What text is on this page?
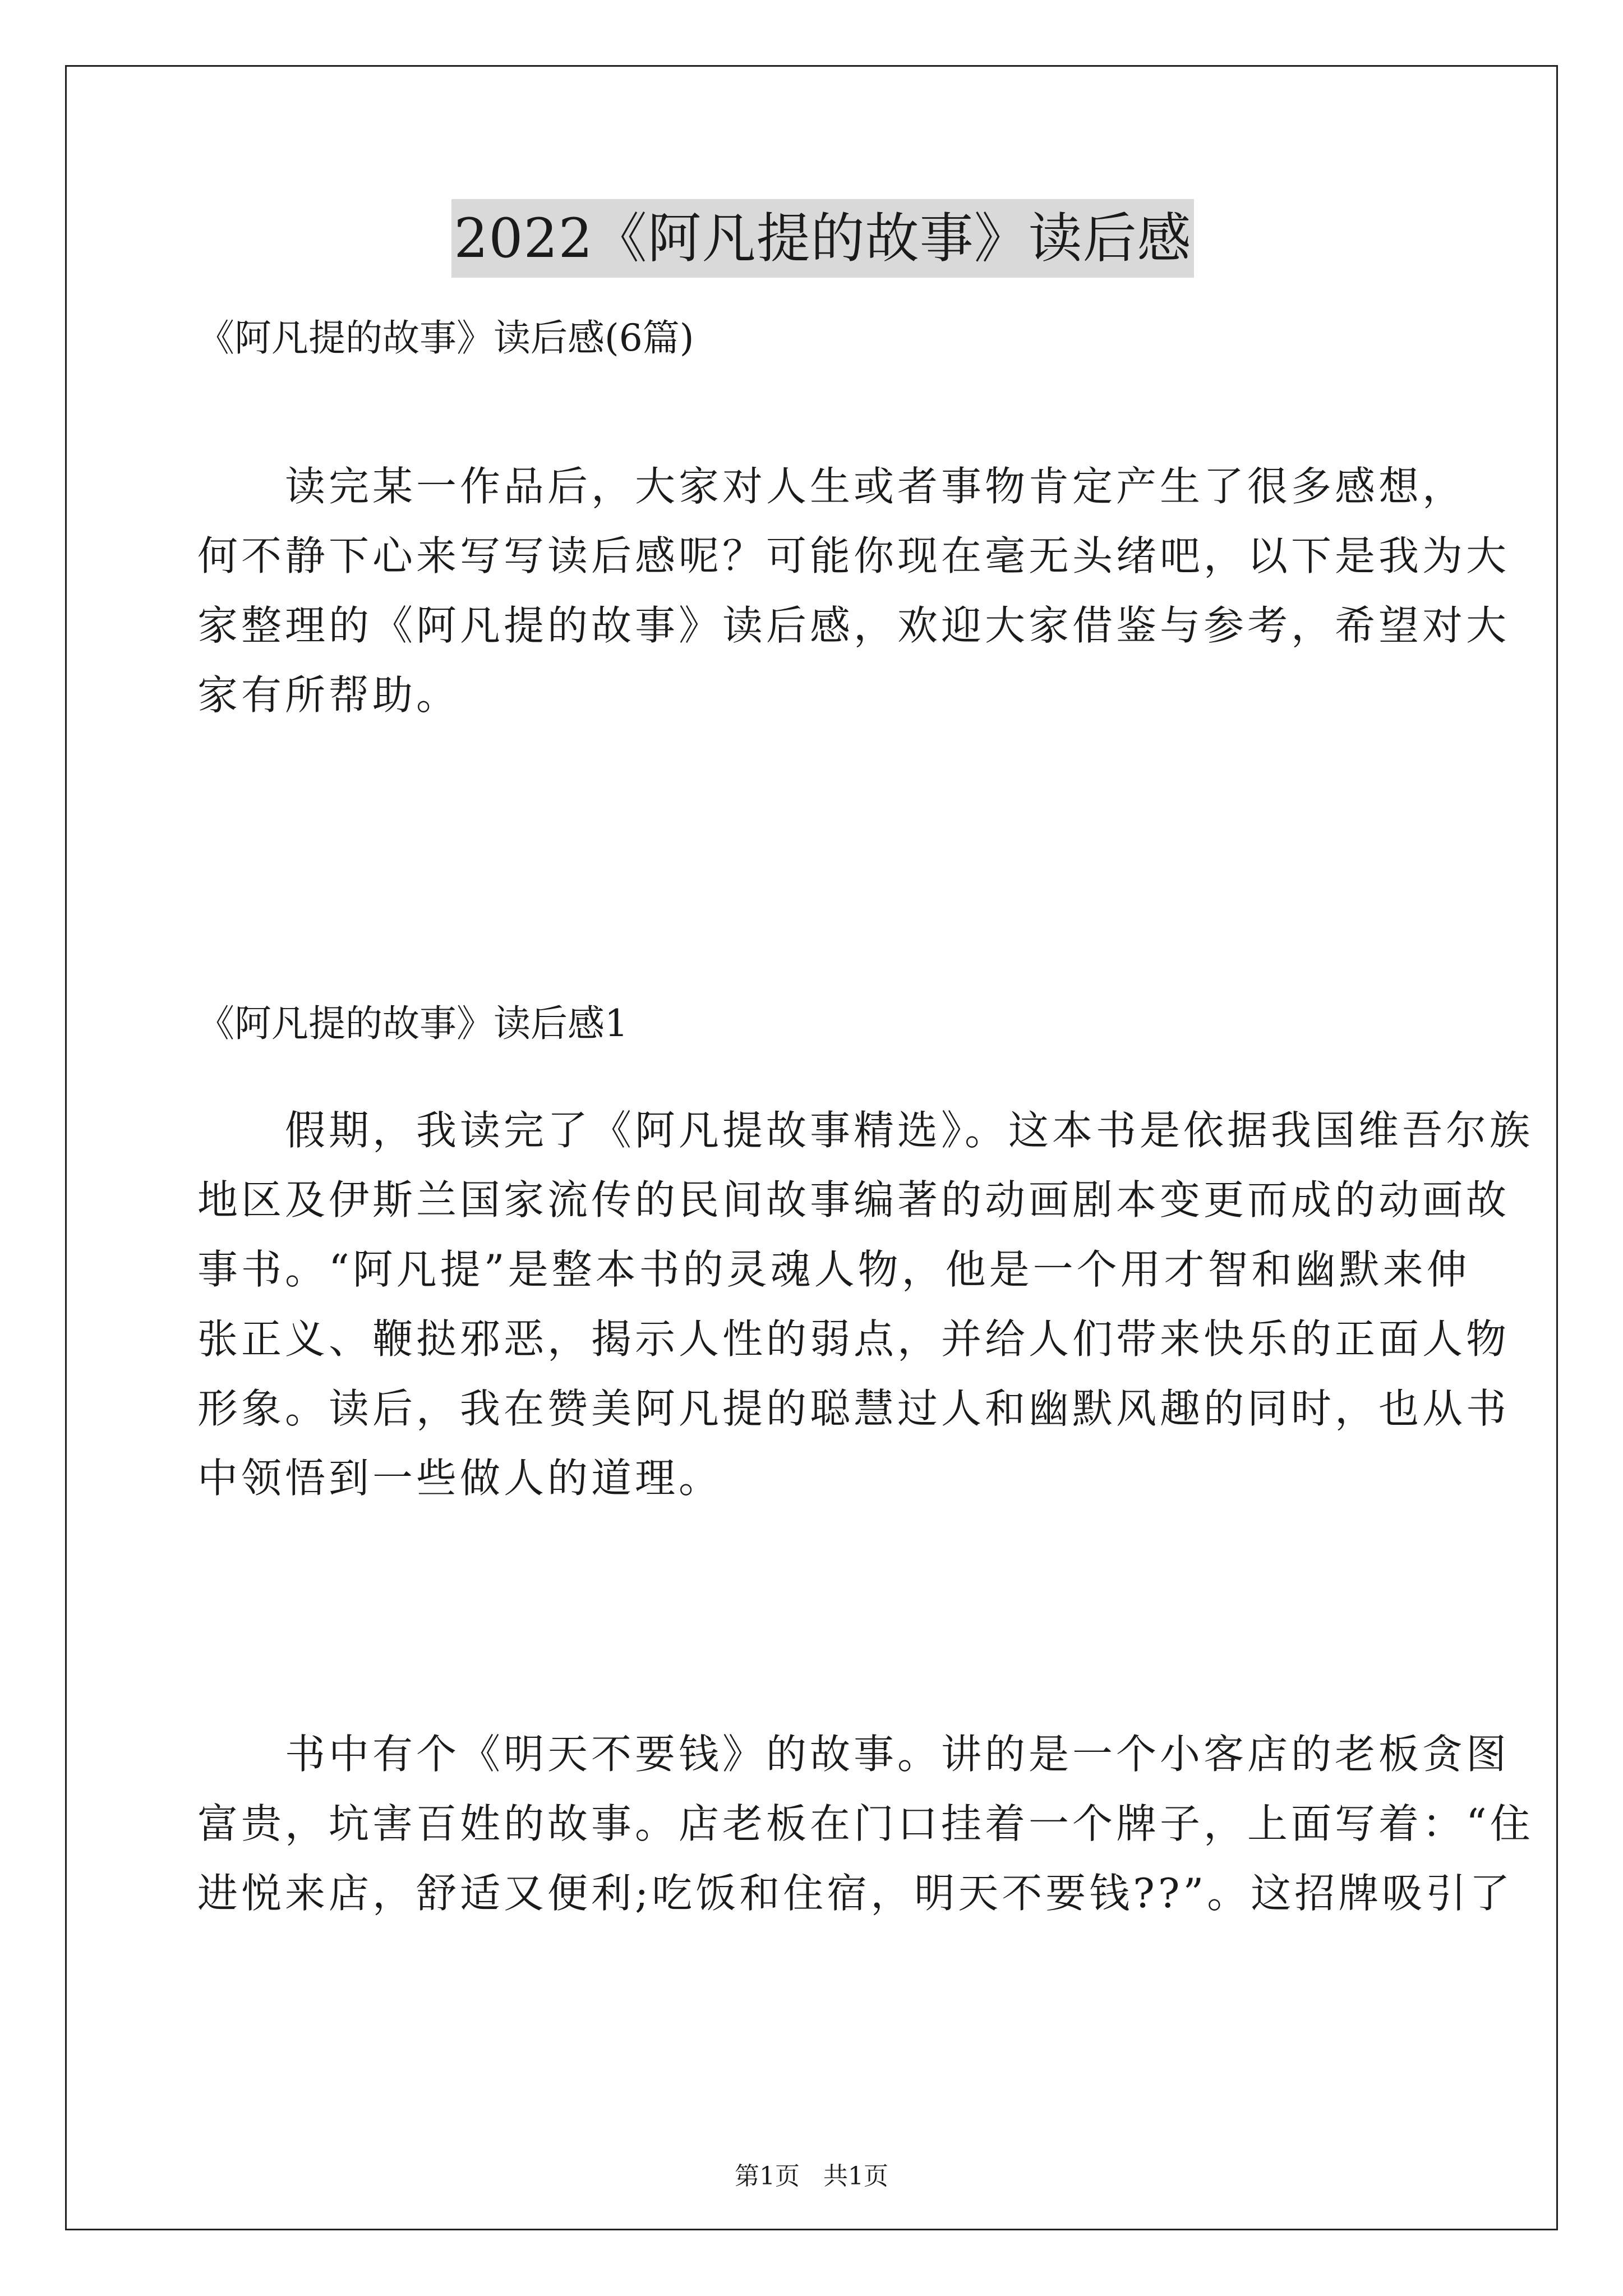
2022《阿凡提的故事》读后感
《阿凡提的故事》读后感(6篇)
　　读完某一作品后，大家对人生或者事物肯定产生了很多感想，
何不静下心来写写读后感呢？可能你现在毫无头绪吧，以下是我为大
家整理的《阿凡提的故事》读后感，欢迎大家借鉴与参考，希望对大
家有所帮助。
《阿凡提的故事》读后感1
　　假期，我读完了《阿凡提故事精选》。这本书是依据我国维吾尔族
地区及伊斯兰国家流传的民间故事编著的动画剧本变更而成的动画故
事书。“阿凡提”是整本书的灵魂人物，他是一个用才智和幽默来伸
张正义、鞭挞邪恶，揭示人性的弱点，并给人们带来快乐的正面人物
形象。读后，我在赞美阿凡提的聪慧过人和幽默风趣的同时，也从书
中领悟到一些做人的道理。
　　书中有个《明天不要钱》的故事。讲的是一个小客店的老板贪图
富贵，坑害百姓的故事。店老板在门口挂着一个牌子，上面写着：“住
进悦来店，舒适又便利;吃饭和住宿，明天不要钱??”。这招牌吸引了
第1页 共1页
